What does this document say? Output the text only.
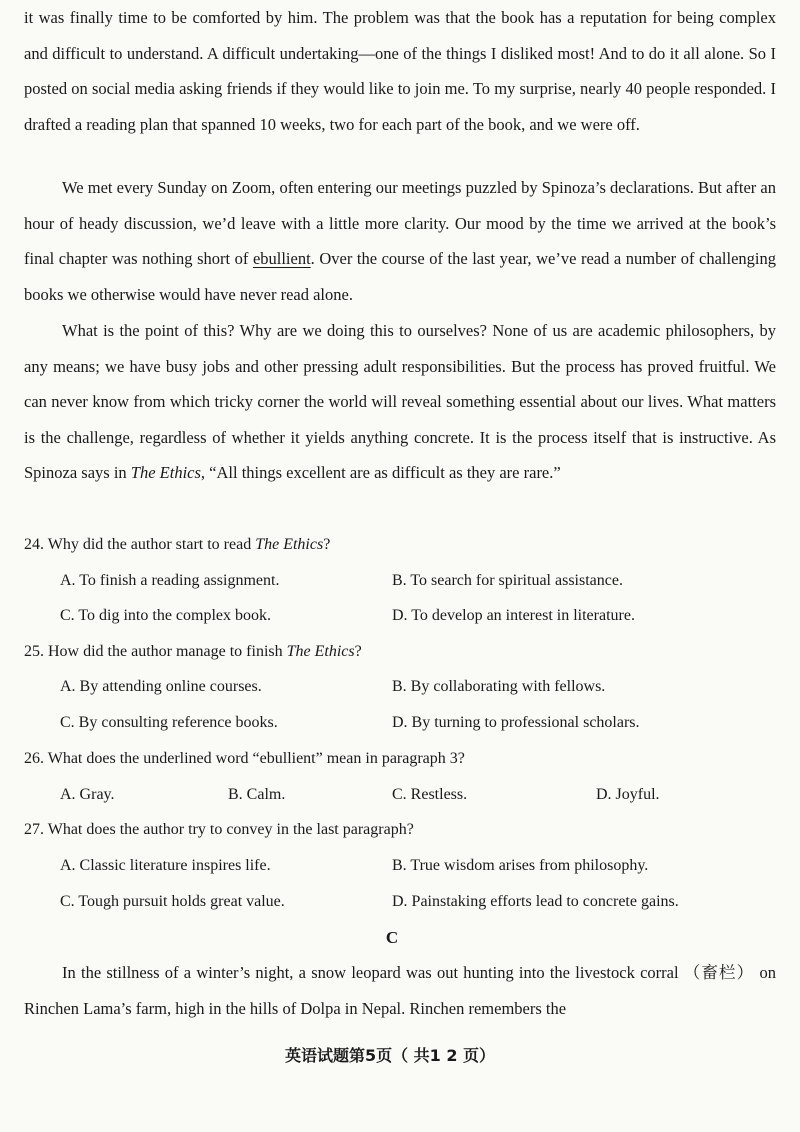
it was finally time to be comforted by him. The problem was that the book has a reputation for being complex and difficult to understand. A difficult undertaking—one of the things I disliked most! And to do it all alone. So I posted on social media asking friends if they would like to join me. To my surprise, nearly 40 people responded. I drafted a reading plan that spanned 10 weeks, two for each part of the book, and we were off.

We met every Sunday on Zoom, often entering our meetings puzzled by Spinoza’s declarations. But after an hour of heady discussion, we’d leave with a little more clarity. Our mood by the time we arrived at the book’s final chapter was nothing short of ebullient. Over the course of the last year, we’ve read a number of challenging books we otherwise would have never read alone.

What is the point of this? Why are we doing this to ourselves? None of us are academic philosophers, by any means; we have busy jobs and other pressing adult responsibilities. But the process has proved fruitful. We can never know from which tricky corner the world will reveal something essential about our lives. What matters is the challenge, regardless of whether it yields anything concrete. It is the process itself that is instructive. As Spinoza says in The Ethics, “All things excellent are as difficult as they are rare.”

24. Why did the author start to read The Ethics?

A. To finish a reading assignment.	B. To search for spiritual assistance.
C. To dig into the complex book.	D. To develop an interest in literature.

25. How did the author manage to finish The Ethics?

A. By attending online courses.	B. By collaborating with fellows.
C. By consulting reference books.	D. By turning to professional scholars.

26. What does the underlined word “ebullient” mean in paragraph 3?

A. Gray.	B. Calm.	C. Restless.	D. Joyful.

27. What does the author try to convey in the last paragraph?

A. Classic literature inspires life.	B. True wisdom arises from philosophy.
C. Tough pursuit holds great value.	D. Painstaking efforts lead to concrete gains.
C

In the stillness of a winter’s night, a snow leopard was out hunting into the livestock corral （畜栏） on Rinchen Lama’s farm, high in the hills of Dolpa in Nepal. Rinchen remembers the

英语试题第5页（ 共1 2 页）
